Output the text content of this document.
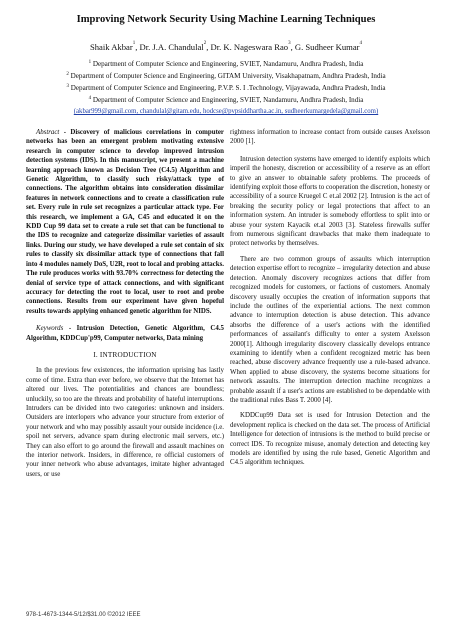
Improving Network Security Using Machine Learning Techniques
Shaik Akbar$^1$, Dr. J.A. Chandulal$^2$, Dr. K. Nageswara Rao$^3$, G. Sudheer Kumar$^4$
$^1$ Department of Computer Science and Engineering, SVIET, Nandamuru, Andhra Pradesh, India
$^2$ Department of Computer Science and Engineering, GITAM University, Visakhapatnam, Andhra Pradesh, India
$^3$ Department of Computer Science and Engineering, P.V.P. S. I .Technology, Vijayawada, Andhra Pradesh, India
$^4$ Department of Computer Science and Engineering, SVIET, Nandamuru, Andhra Pradesh, India
(akbar999@gmail.com, chandulal@gitam.edu, hodcse@pvpsiddhartha.ac.in, sudheerkumargedela@gmail.com)

Abstract - Discovery of malicious correlations in computer networks has been an emergent problem motivating extensive research in computer science to develop improved intrusion detection systems (IDS). In this manuscript, we present a machine learning approach known as Decision Tree (C4.5) Algorithm and Genetic Algorithm, to classify such risky/attack type of connections. The algorithm obtains into consideration dissimilar features in network connections and to create a classification rule set. Every rule in rule set recognizes a particular attack type. For this research, we implement a GA, C45 and educated it on the KDD Cup 99 data set to create a rule set that can be functional to the IDS to recognize and categorize dissimilar varieties of assault links. During our study, we have developed a rule set contain of six rules to classify six dissimilar attack type of connections that fall into 4 modules namely DoS, U2R, root to local and probing attacks. The rule produces works with 93.70% correctness for detecting the denial of service type of attack connections, and with significant accuracy for detecting the root to local, user to root and probe connections. Results from our experiment have given hopeful results towards applying enhanced genetic algorithm for NIDS.

Keywords - Intrusion Detection, Genetic Algorithm, C4.5 Algorithm, KDDCup'p99, Computer networks, Data mining

I. INTRODUCTION

In the previous few existences, the information uprising has lastly come of time. Extra than ever before, we observe that the Internet has altered our lives. The potentialities and chances are boundless; unluckily, so too are the threats and probability of hateful interruptions. Intruders can be divided into two categories: unknown and insiders. Outsiders are interlopers who advance your structure from exterior of your network and who may possibly assault your outside incidence (i.e. spoil net servers, advance spam during electronic mail servers, etc.) They can also effort to go around the firewall and assault machines on the interior network. Insiders, in difference, re official customers of your inner network who abuse advantages, imitate higher advantaged users, or use

rightness information to increase contact from outside causes Axelsson 2000 [1].

Intrusion detection systems have emerged to identify exploits which imperil the honesty, discretion or accessibility of a reserve as an effort to give an answer to obtainable safety problems. The proceeds of identifying exploit those efforts to cooperation the discretion, honesty or accessibility of a source Kruegel C et.al 2002 [2]. Intrusion is the act of breaking the security policy or legal protections that affect to an information system. An intruder is somebody effortless to split into or abuse your system Kayacik et.al 2003 [3]. Stateless firewalls suffer from numerous significant drawbacks that make them inadequate to protect networks by themselves.

There are two common groups of assaults which interruption detection expertise effort to recognize – irregularity detection and abuse detection. Anomaly discovery recognizes actions that differ from recognized models for customers, or factions of customers. Anomaly discovery usually occupies the creation of information supports that include the outlines of the experiential actions. The next common advance to interruption detection is abuse detection. This advance absorbs the difference of a user's actions with the identified performances of assailant's difficulty to enter a system Axelsson 2000[1]. Although irregularity discovery classically develops entrance examining to identify when a confident recognized metric has been reached, abuse discovery advance frequently use a rule-based advance. When applied to abuse discovery, the systems become situations for network assaults. The interruption detection machine recognizes a probable assault if a user's actions are established to be dependable with the traditional rules Bass T. 2000 [4].

KDDCup99 Data set is used for Intrusion Detection and the development replica is checked on the data set. The process of Artificial Intelligence for detection of intrusions is the method to build precise or correct IDS. To recognize misuse, anomaly detection and detecting key models are identified by using the rule based, Genetic Algorithm and C4.5 algorithm techniques.

978-1-4673-1344-5/12/$31.00 ©2012 IEEE
